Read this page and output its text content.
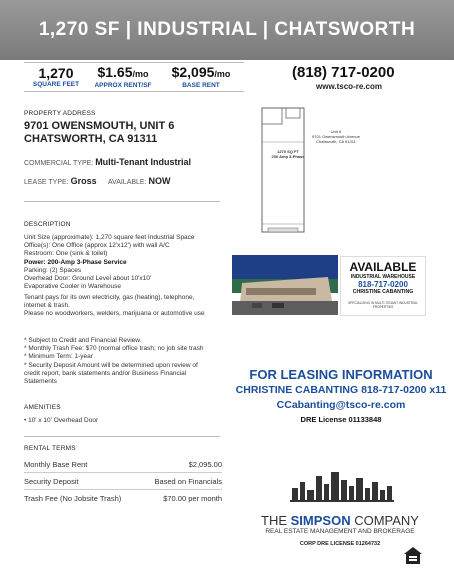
1,270 SF | INDUSTRIAL | CHATSWORTH
1,270
SQUARE FEET
$1.65/mo
APPROX RENT/SF
$2,095/mo
BASE RENT
(818) 717-0200
www.tsco-re.com
PROPERTY ADDRESS
9701 OWENSMOUTH, UNIT 6
CHATSWORTH, CA 91311
COMMERCIAL TYPE: Multi-Tenant Industrial
LEASE TYPE: Gross AVAILABLE: NOW
DESCRIPTION
Unit Size (approximate): 1,270 square feet Industrial Space
Office(s): One Office (approx 12'x12') with wall A/C
Restroom: One (sink & toilet)
Power: 200-Amp 3-Phase Service
Parking: (2) Spaces
Overhead Door: Ground Level about 10'x10'
Evaporative Cooler in Warehouse
Tenant pays for its own electricity, gas (heating), telephone,
internet & trash.
Please no woodworkers, welders, marijuana or automotive use
* Subject to Credit and Financial Review.
* Monthly Trash Fee: $70 (normal office trash; no job site trash
* Minimum Term: 1-year
* Security Deposit Amount will be determined upon review of
credit report, bank statements and/or Business Financial
Statements
AMENITIES
• 10' x 10' Overhead Door
RENTAL TERMS
Monthly Base Rent	$2,095.00
Security Deposit	Based on Financials
Trash Fee (No Jobsite Trash)	$70.00 per month
Unit 6
9701 Owensmouth Avenue
Chatsworth, CA 91311
1270 SQ FT
200 Amp 3-Phase
AVAILABLE
INDUSTRIAL WAREHOUSE
818-717-0200
CHRISTINE CABANTING
SPECIALIZING IN MULTI-TENANT INDUSTRIAL PROPERTIES
FOR LEASING INFORMATION
CHRISTINE CABANTING 818-717-0200 x11
CCabanting@tsco-re.com
DRE License 01133848
THE SIMPSON COMPANY
REAL ESTATE MANAGEMENT AND BROKERAGE
CORP DRE LICENSE 01264732
